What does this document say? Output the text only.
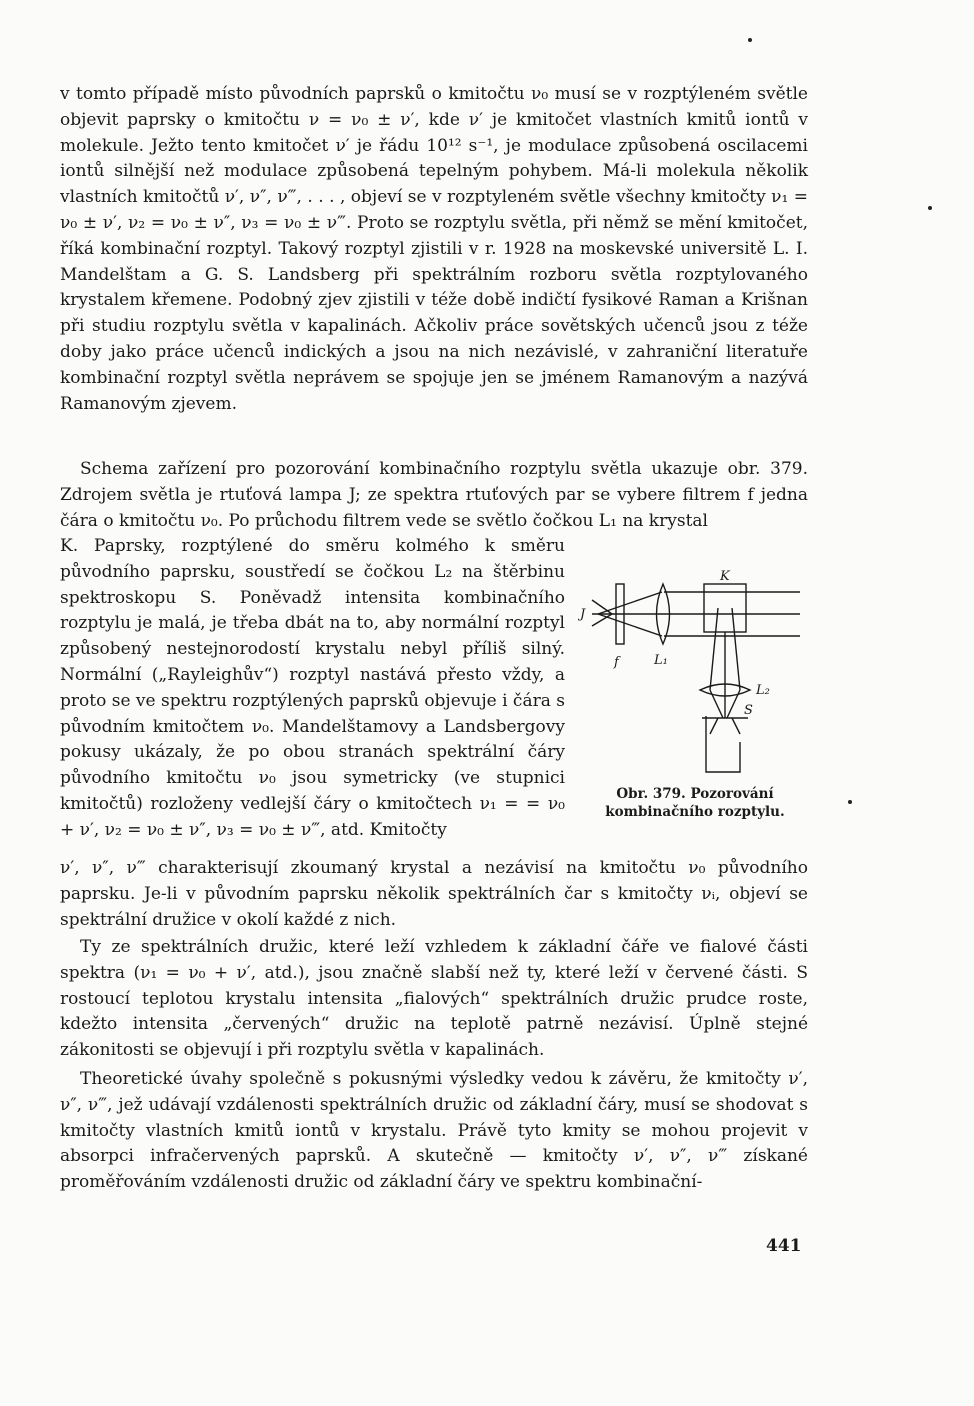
v tomto případě místo původních paprsků o kmitočtu ν₀ musí se v rozptýleném světle objevit paprsky o kmitočtu ν = ν₀ ± ν′, kde ν′ je kmitočet vlastních kmitů iontů v molekule. Ježto tento kmitočet ν′ je řádu 10¹² s⁻¹, je modulace způsobená oscilacemi iontů silnější než modulace způsobená tepelným pohybem. Má-li molekula několik vlastních kmitočtů ν′, ν″, ν‴, . . . , objeví se v rozptyleném světle všechny kmitočty ν₁ = ν₀ ± ν′, ν₂ = ν₀ ± ν″, ν₃ = ν₀ ± ν‴. Proto se rozptylu světla, při němž se mění kmitočet, říká kombinační rozptyl. Takový rozptyl zjistili v r. 1928 na moskevské universitě L. I. Mandelštam a G. S. Landsberg při spektrálním rozboru světla rozptylovaného krystalem křemene. Podobný zjev zjistili v téže době indičtí fysikové Raman a Krišnan při studiu rozptylu světla v kapalinách. Ačkoliv práce sovětských učenců jsou z téže doby jako práce učenců indických a jsou na nich nezávislé, v zahraniční literatuře kombinační rozptyl světla neprávem se spojuje jen se jménem Ramanovým a nazývá Ramanovým zjevem.

Schema zařízení pro pozorování kombinačního rozptylu světla ukazuje obr. 379. Zdrojem světla je rtuťová lampa J; ze spektra rtuťových par se vybere filtrem f jedna čára o kmitočtu ν₀. Po průchodu filtrem vede se světlo čočkou L₁ na krystal

K. Paprsky, rozptýlené do směru kolmého k směru původního paprsku, soustředí se čočkou L₂ na štěrbinu spektroskopu S. Poněvadž intensita kombinačního rozptylu je malá, je třeba dbát na to, aby normální rozptyl způsobený nestejnorodostí krystalu nebyl příliš silný. Normální („Rayleighův“) rozptyl nastává přesto vždy, a proto se ve spektru rozptýlených paprsků objevuje i čára s původním kmitočtem ν₀. Mandelštamovy a Landsbergovy pokusy ukázaly, že po obou stranách spektrální čáry původního kmitočtu ν₀ jsou symetricky (ve stupnici kmitočtů) rozloženy vedlejší čáry o kmitočtech ν₁ = = ν₀ + ν′, ν₂ = ν₀ ± ν″, ν₃ = ν₀ ± ν‴, atd. Kmitočty

J
f	L₁
K
L₂
S
Obr. 379. Pozorování kombinačního rozptylu.

ν′, ν″, ν‴ charakterisují zkoumaný krystal a nezávisí na kmitočtu ν₀ původního paprsku. Je-li v původním paprsku několik spektrálních čar s kmitočty νᵢ, objeví se spektrální družice v okolí každé z nich.

Ty ze spektrálních družic, které leží vzhledem k základní čáře ve fialové části spektra (ν₁ = ν₀ + ν′, atd.), jsou značně slabší než ty, které leží v červené části. S rostoucí teplotou krystalu intensita „fialových“ spektrálních družic prudce roste, kdežto intensita „červených“ družic na teplotě patrně nezávisí. Úplně stejné zákonitosti se objevují i při rozptylu světla v kapalinách.

Theoretické úvahy společně s pokusnými výsledky vedou k závěru, že kmitočty ν′, ν″, ν‴, jež udávají vzdálenosti spektrálních družic od základní čáry, musí se shodovat s kmitočty vlastních kmitů iontů v krystalu. Právě tyto kmity se mohou projevit v absorpci infračervených paprsků. A skutečně — kmitočty ν′, ν″, ν‴ získané proměřováním vzdálenosti družic od základní čáry ve spektru kombinační-

441
